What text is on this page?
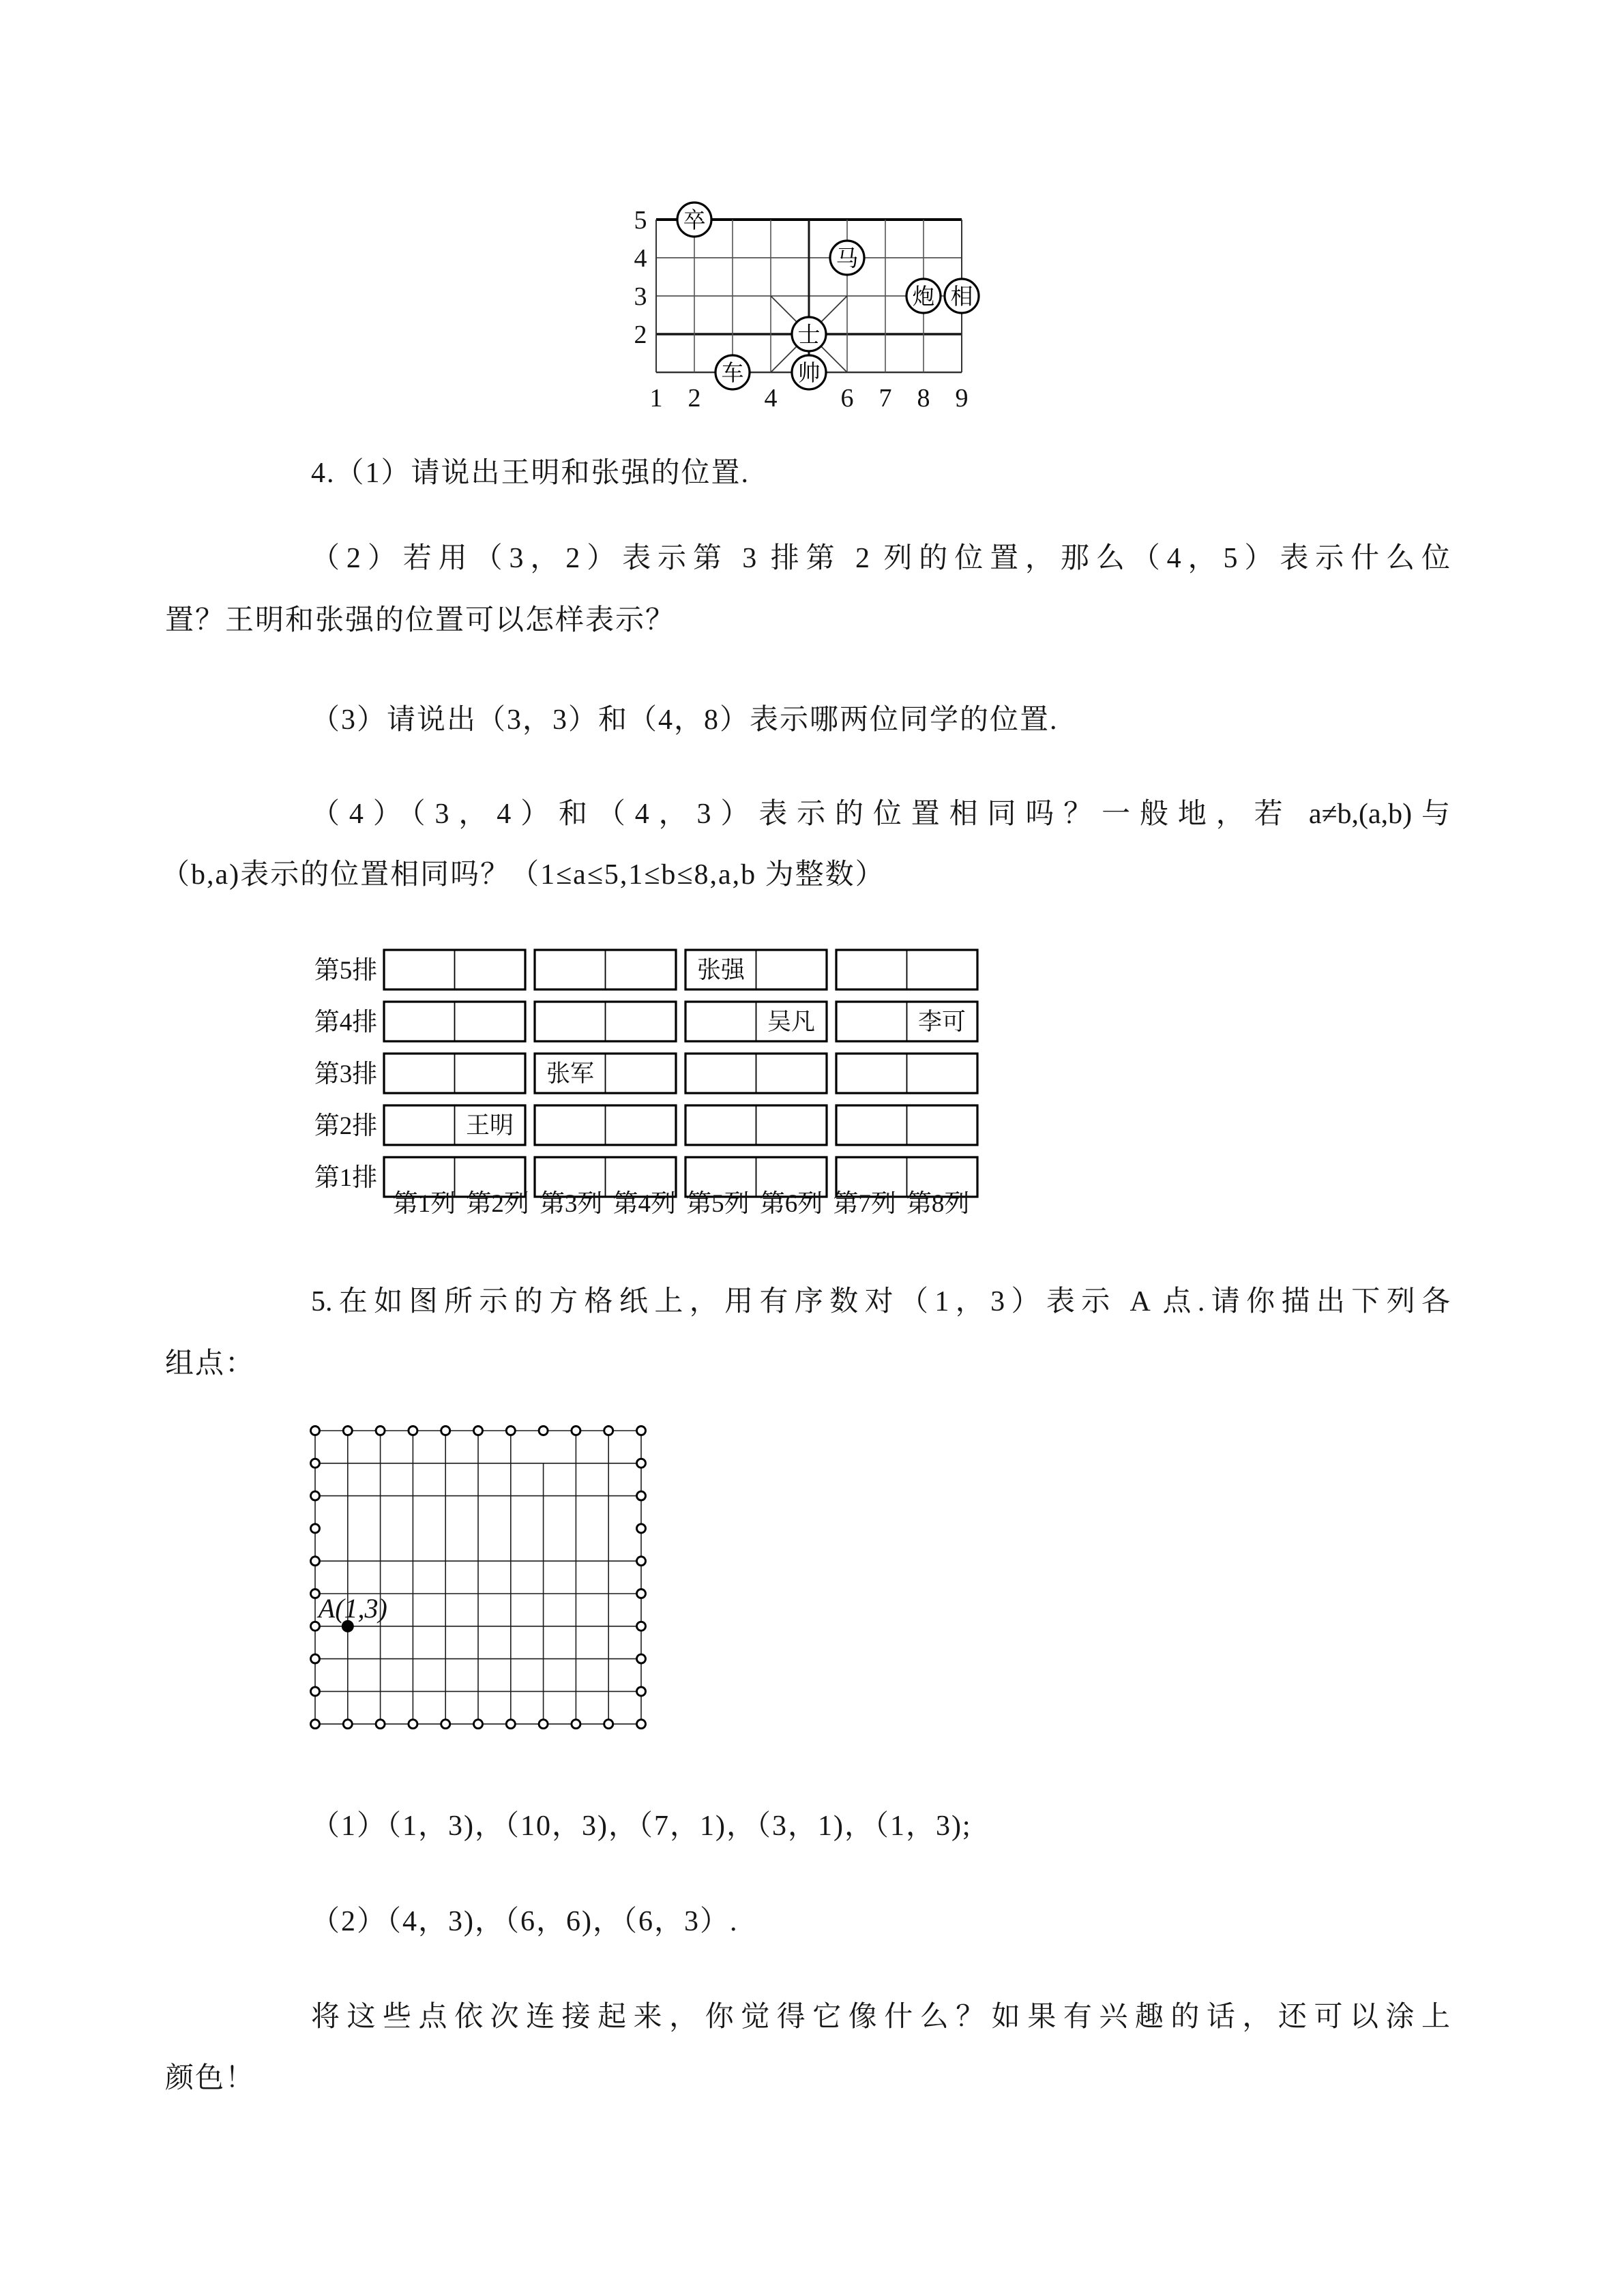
5
4
3
2
1 2 4 6 7 8 9
卒
马
炮 相
士
帅
车
4.（1）请说出王明和张强的位置.
（2）若用（3，2）表示第 3 排第 2 列的位置，那么（4，5）表示什么位
置？王明和张强的位置可以怎样表示？
（3）请说出（3，3）和（4，8）表示哪两位同学的位置.
（4）（3，4）和（4，3）表示的位置相同吗？一般地，若 a≠b,(a,b)与
（b,a)表示的位置相同吗？（1≤a≤5,1≤b≤8,a,b 为整数）
第5排
第4排
第3排
第2排
第1排
张强
吴凡	李可
张军
王明
第1列 第2列 第3列 第4列 第5列 第6列 第7列 第8列
5.在如图所示的方格纸上，用有序数对（1，3）表示 A 点.请你描出下列各
组点：
A(1,3)
（1）（1，3)，（10，3)，（7，1)，（3，1)，（1，3);
（2）（4，3)，（6，6)，（6，3）.
将这些点依次连接起来，你觉得它像什么？如果有兴趣的话，还可以涂上
颜色！
